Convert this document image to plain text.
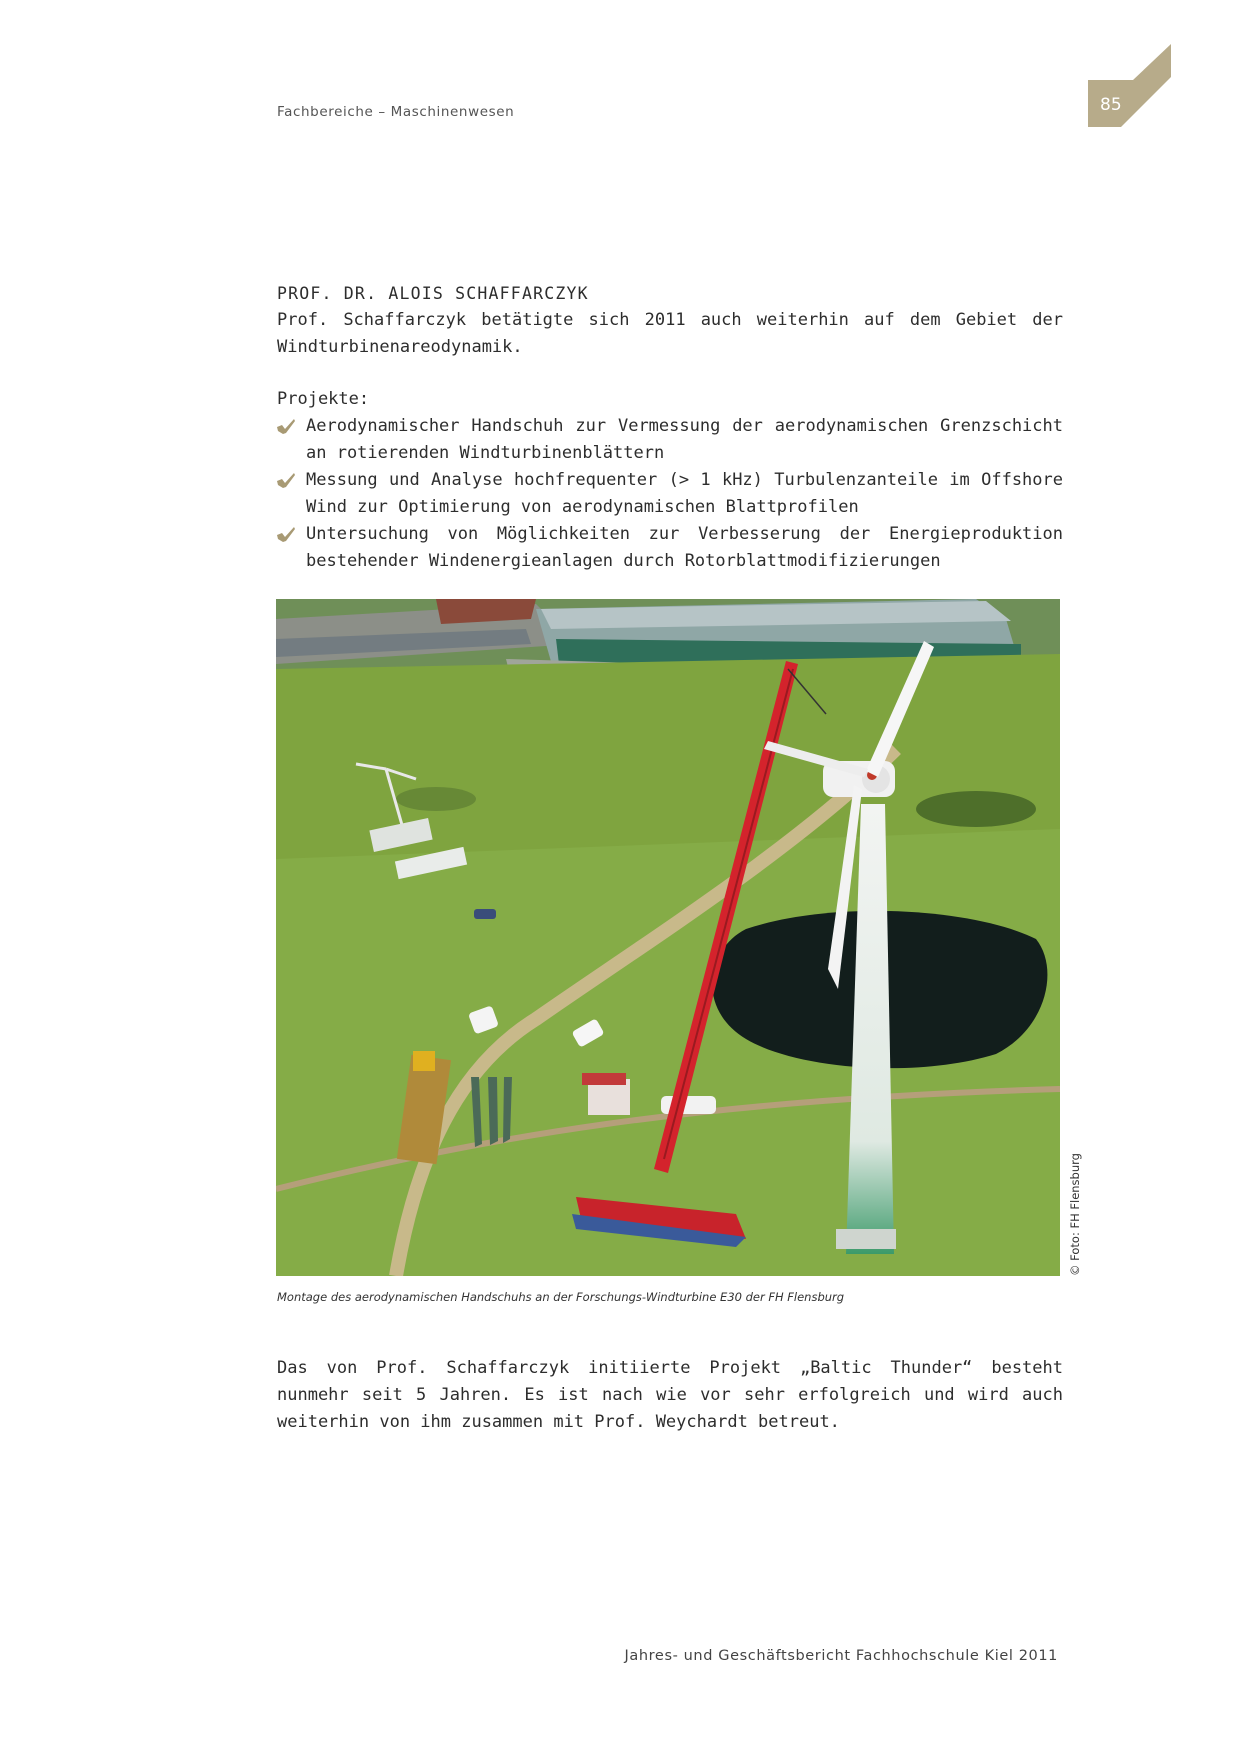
Fachbereiche – Maschinenwesen	85
PROF. DR. ALOIS SCHAFFARCZYK

Prof. Schaffarczyk betätigte sich 2011 auch weiterhin auf dem Gebiet der Windturbinenareodynamik.

Projekte:
Aerodynamischer Handschuh zur Vermessung der aerodynamischen Grenzschicht an rotierenden Windturbinenblättern
Messung und Analyse hochfrequenter (> 1 kHz) Turbulenzanteile im Offshore Wind zur Optimierung von aerodynamischen Blattprofilen
Untersuchung von Möglichkeiten zur Verbesserung der Energieproduktion bestehender Windenergieanlagen durch Rotorblattmodifizierungen
© Foto: FH Flensburg
Montage des aerodynamischen Handschuhs an der Forschungs-Windturbine E30 der FH Flensburg

Das von Prof. Schaffarczyk initiierte Projekt „Baltic Thunder“ besteht nunmehr seit 5 Jahren. Es ist nach wie vor sehr erfolgreich und wird auch weiterhin von ihm zusammen mit Prof. Weychardt betreut.

Jahres- und Geschäftsbericht Fachhochschule Kiel 2011
